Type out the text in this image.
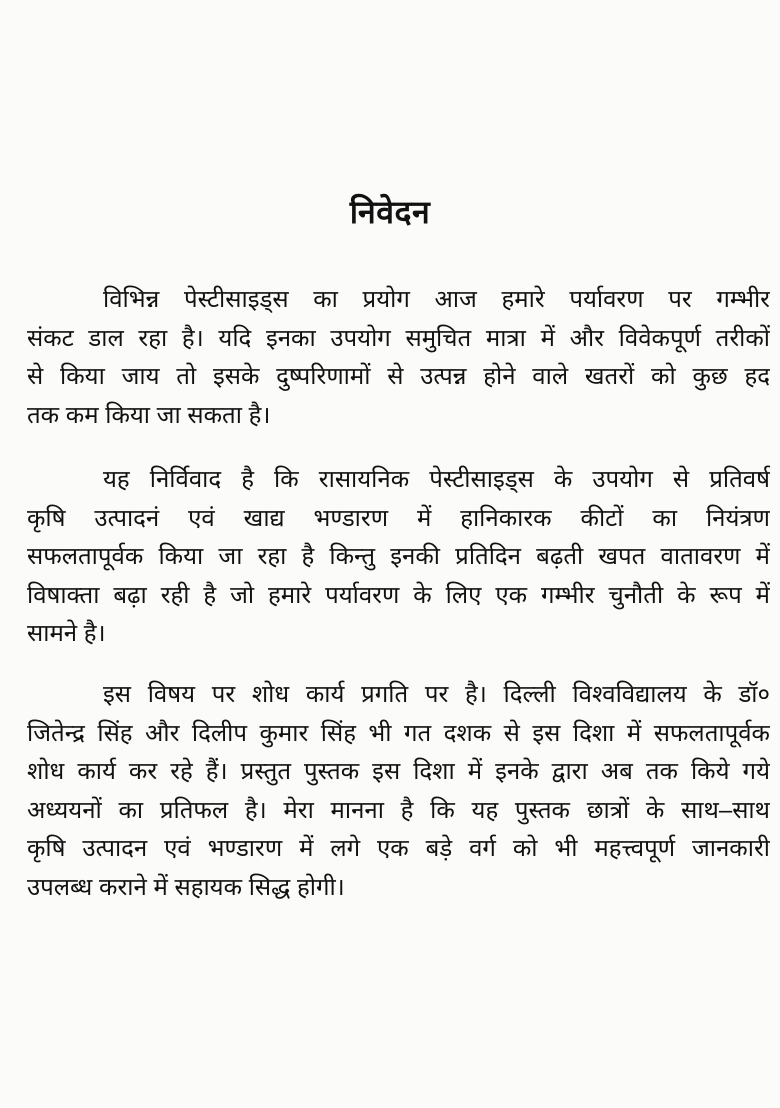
निवेदन
विभिन्न पेस्टीसाइड्स का प्रयोग आज हमारे पर्यावरण पर गम्भीर
संकट डाल रहा है। यदि इनका उपयोग समुचित मात्रा में और विवेकपूर्ण तरीकों
से किया जाय तो इसके दुष्परिणामों से उत्पन्न होने वाले खतरों को कुछ हद
तक कम किया जा सकता है।
यह निर्विवाद है कि रासायनिक पेस्टीसाइड्स के उपयोग से प्रतिवर्ष
कृषि उत्पादनं एवं खाद्य भण्डारण में हानिकारक कीटों का नियंत्रण
सफलतापूर्वक किया जा रहा है किन्तु इनकी प्रतिदिन बढ़ती खपत वातावरण में
विषाक्ता बढ़ा रही है जो हमारे पर्यावरण के लिए एक गम्भीर चुनौती के रूप में
सामने है।
इस विषय पर शोध कार्य प्रगति पर है। दिल्ली विश्वविद्यालय के डॉ०
जितेन्द्र सिंह और दिलीप कुमार सिंह भी गत दशक से इस दिशा में सफलतापूर्वक
शोध कार्य कर रहे हैं। प्रस्तुत पुस्तक इस दिशा में इनके द्वारा अब तक किये गये
अध्ययनों का प्रतिफल है। मेरा मानना है कि यह पुस्तक छात्रों के साथ–साथ
कृषि उत्पादन एवं भण्डारण में लगे एक बड़े वर्ग को भी महत्त्वपूर्ण जानकारी
उपलब्ध कराने में सहायक सिद्ध होगी।
